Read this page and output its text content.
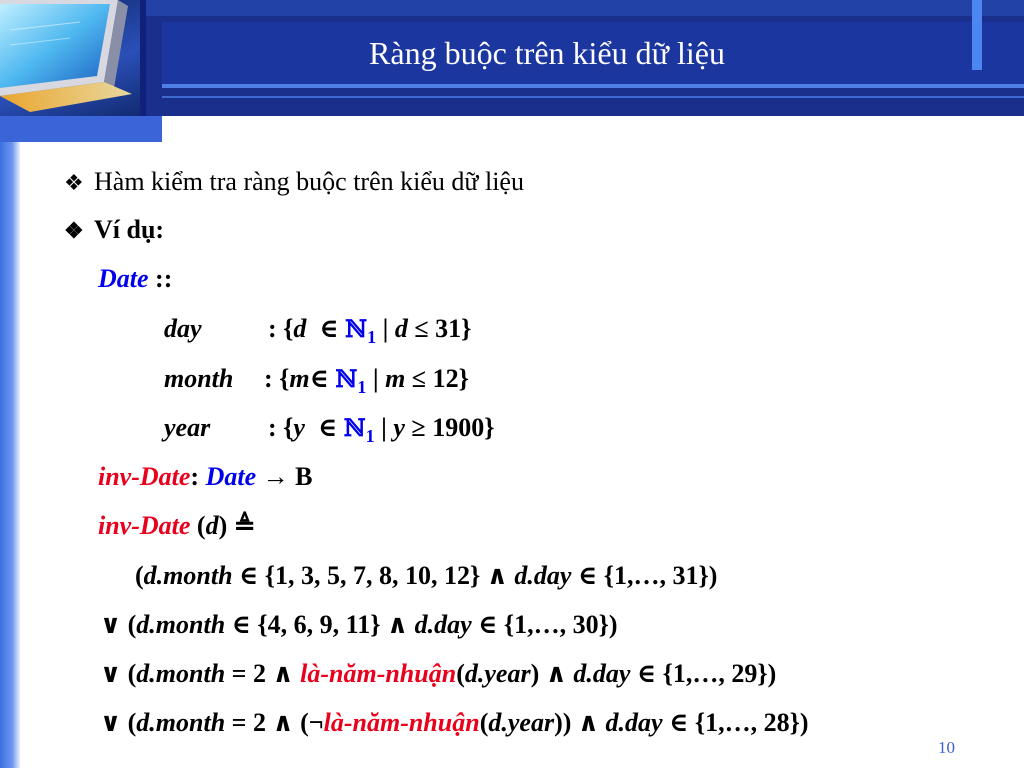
Ràng buộc trên kiểu dữ liệu
❖ Hàm kiểm tra ràng buộc trên kiểu dữ liệu
❖ Ví dụ:
Date ::
day	: {d ∈ ℕ$_1$ | d ≤ 31}
month : {m∈ ℕ$_1$ | m ≤ 12}
year : {y ∈ ℕ$_1$ | y ≥ 1900}
inv-Date: Date → B
inv-Date (d) ≜
(d.month ∈ {1, 3, 5, 7, 8, 10, 12} ∧ d.day ∈ {1,…, 31})
∨ (d.month ∈ {4, 6, 9, 11} ∧ d.day ∈ {1,…, 30})
∨ (d.month = 2 ∧ là-năm-nhuận(d.year) ∧ d.day ∈ {1,…, 29})
∨ (d.month = 2 ∧ (¬là-năm-nhuận(d.year)) ∧ d.day ∈ {1,…, 28})
10
